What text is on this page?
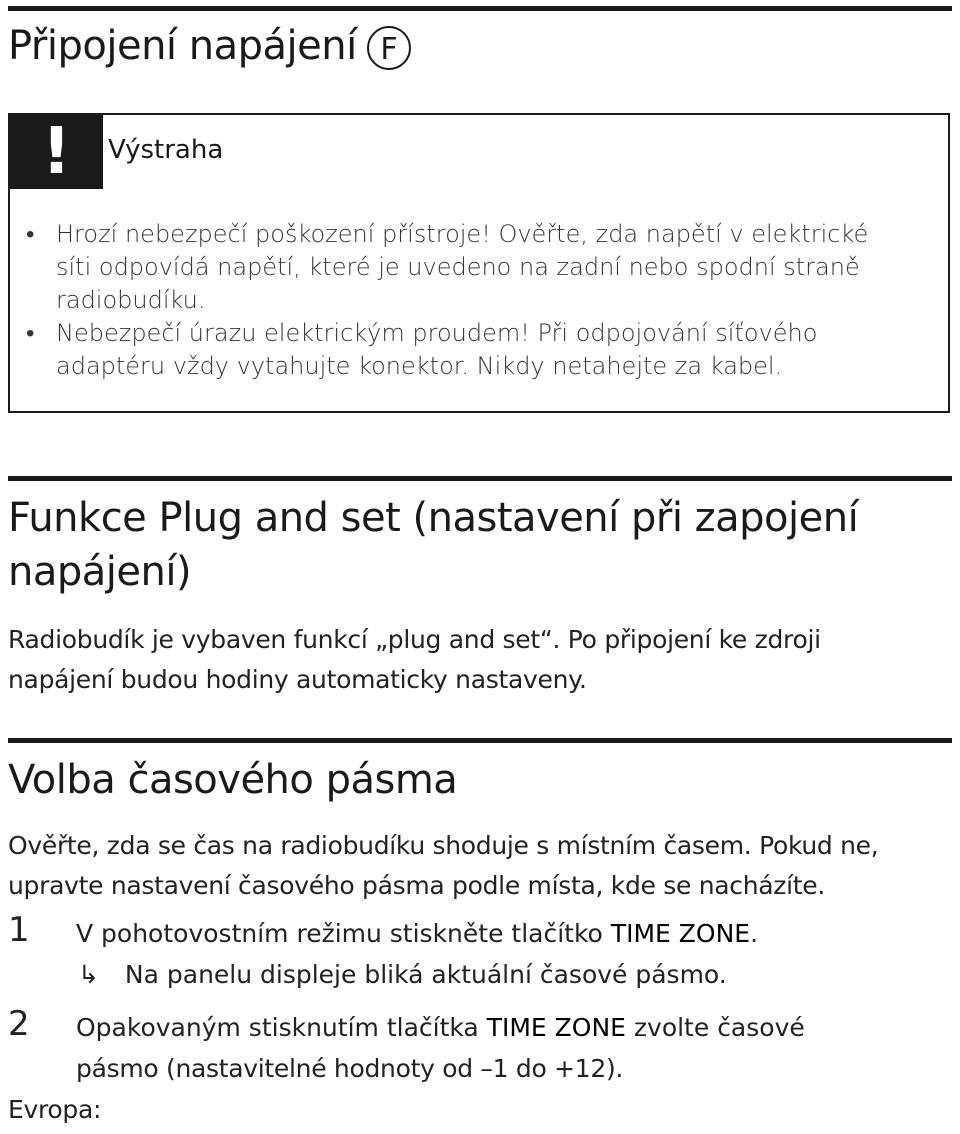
Připojení napájení F
!	Výstraha
• Hrozí nebezpečí poškození přístroje! Ověřte, zda napětí v elektrické
síti odpovídá napětí, které je uvedeno na zadní nebo spodní straně
radiobudíku.
• Nebezpečí úrazu elektrickým proudem! Při odpojování síťového
adaptéru vždy vytahujte konektor. Nikdy netahejte za kabel.
Funkce Plug and set (nastavení při zapojení
napájení)
Radiobudík je vybaven funkcí „plug and set“. Po připojení ke zdroji
napájení budou hodiny automaticky nastaveny.
Volba časového pásma
Ověřte, zda se čas na radiobudíku shoduje s místním časem. Pokud ne,
upravte nastavení časového pásma podle místa, kde se nacházíte.
1 V pohotovostním režimu stiskněte tlačítko TIME ZONE.
↳ Na panelu displeje bliká aktuální časové pásmo.
2 Opakovaným stisknutím tlačítka TIME ZONE zvolte časové
pásmo (nastavitelné hodnoty od –1 do +12).
Evropa:
